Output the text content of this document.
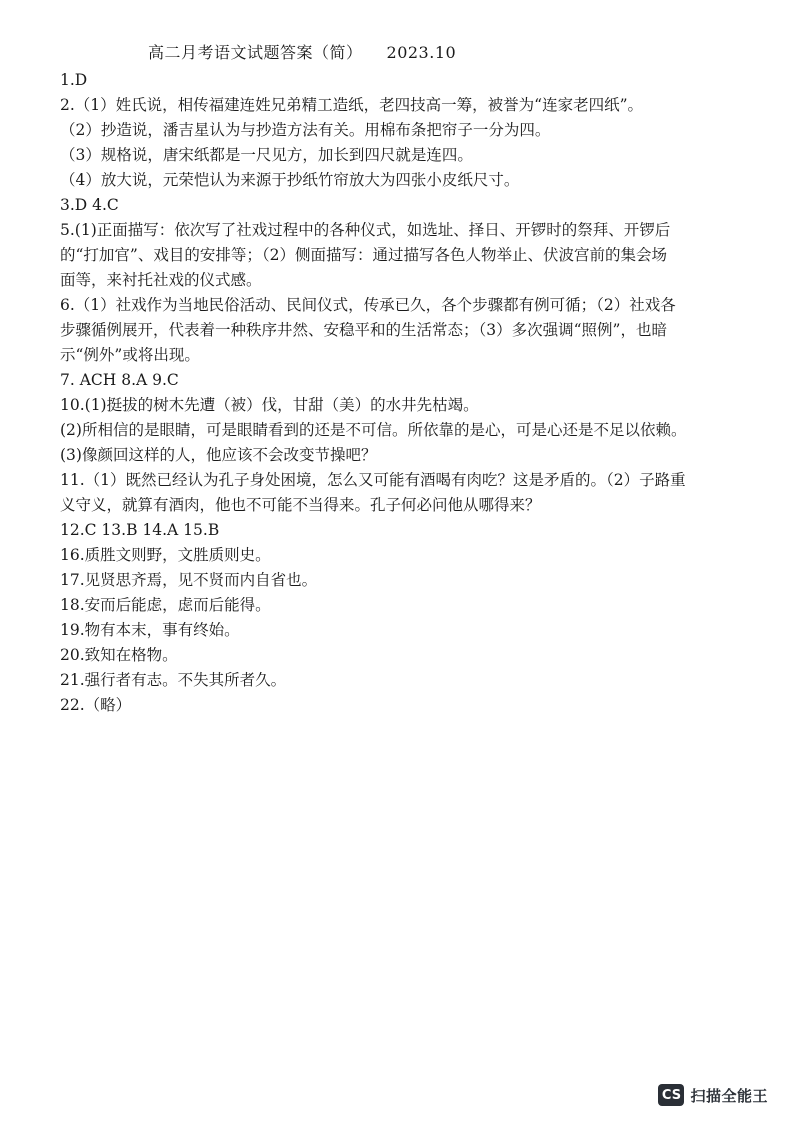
高二月考语文试题答案（简） 2023.10
1.D
2.（1）姓氏说，相传福建连姓兄弟精工造纸，老四技高一筹，被誉为“连家老四纸”。
（2）抄造说，潘吉星认为与抄造方法有关。用棉布条把帘子一分为四。
（3）规格说，唐宋纸都是一尺见方，加长到四尺就是连四。
（4）放大说，元荣恺认为来源于抄纸竹帘放大为四张小皮纸尺寸。
3.D 4.C
5.(1)正面描写：依次写了社戏过程中的各种仪式，如选址、择日、开锣时的祭拜、开锣后
的“打加官”、戏目的安排等；（2）侧面描写：通过描写各色人物举止、伏波宫前的集会场
面等，来衬托社戏的仪式感。
6.（1）社戏作为当地民俗活动、民间仪式，传承已久，各个步骤都有例可循；（2）社戏各
步骤循例展开，代表着一种秩序井然、安稳平和的生活常态；（3）多次强调“照例”，也暗
示“例外”或将出现。
7. ACH 8.A 9.C
10.(1)挺拔的树木先遭（被）伐，甘甜（美）的水井先枯竭。
(2)所相信的是眼睛，可是眼睛看到的还是不可信。所依靠的是心，可是心还是不足以依赖。
(3)像颜回这样的人，他应该不会改变节操吧？
11.（1）既然已经认为孔子身处困境，怎么又可能有酒喝有肉吃？这是矛盾的。（2）子路重
义守义，就算有酒肉，他也不可能不当得来。孔子何必问他从哪得来？
12.C 13.B 14.A 15.B
16.质胜文则野，文胜质则史。
17.见贤思齐焉，见不贤而内自省也。
18.安而后能虑，虑而后能得。
19.物有本末，事有终始。
20.致知在格物。
21.强行者有志。不失其所者久。
22.（略）
CS 扫描全能王
